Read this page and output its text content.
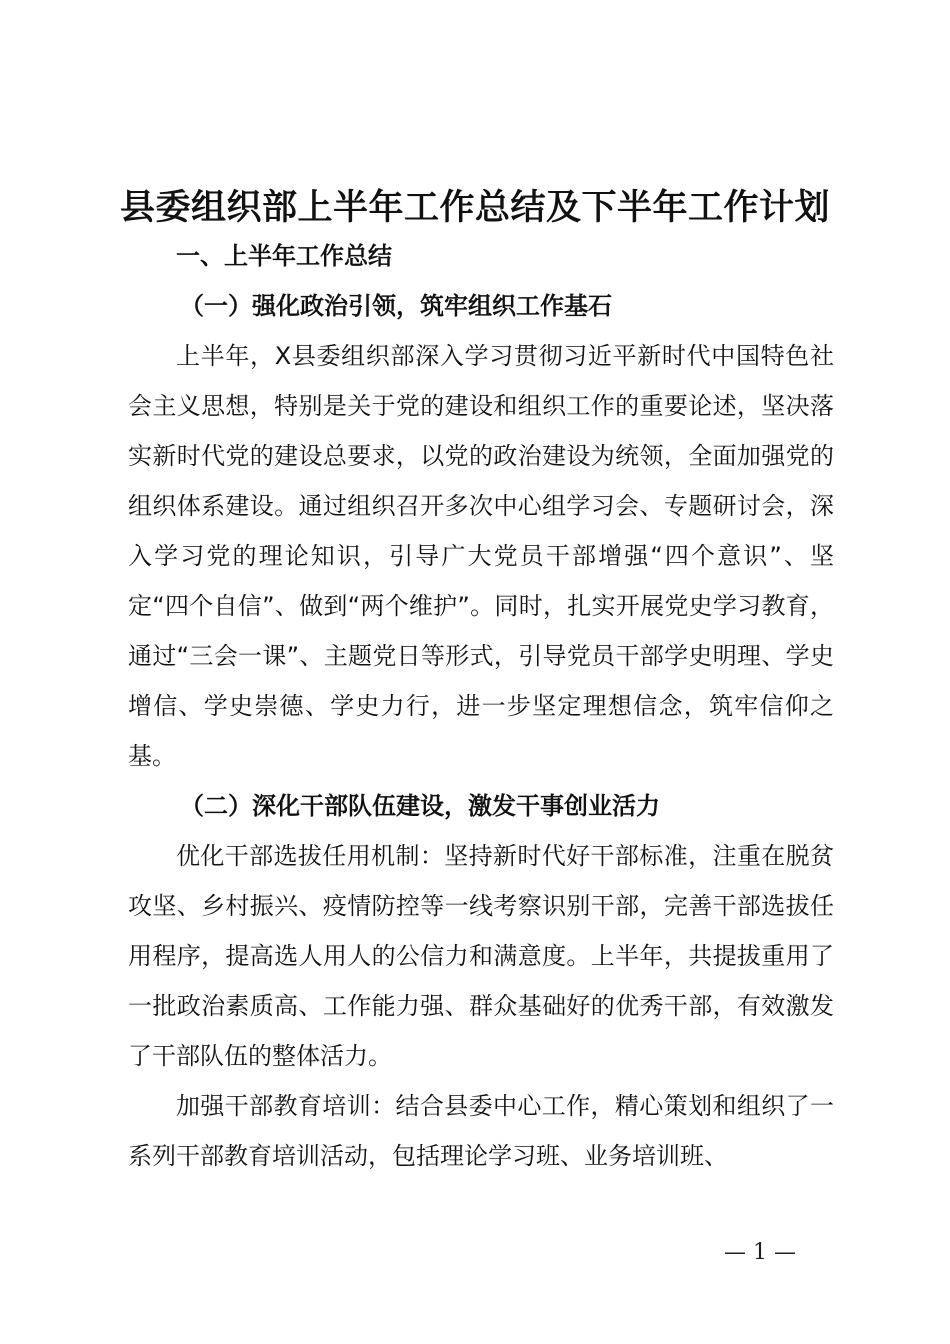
县委组织部上半年工作总结及下半年工作计划

一、上半年工作总结

（一）强化政治引领，筑牢组织工作基石

上半年，X县委组织部深入学习贯彻习近平新时代中国特色社会主义思想，特别是关于党的建设和组织工作的重要论述，坚决落实新时代党的建设总要求，以党的政治建设为统领，全面加强党的组织体系建设。通过组织召开多次中心组学习会、专题研讨会，深入学习党的理论知识，引导广大党员干部增强“四个意识”、坚定“四个自信”、做到“两个维护”。同时，扎实开展党史学习教育，通过“三会一课”、主题党日等形式，引导党员干部学史明理、学史增信、学史崇德、学史力行，进一步坚定理想信念，筑牢信仰之基。

（二）深化干部队伍建设，激发干事创业活力

优化干部选拔任用机制：坚持新时代好干部标准，注重在脱贫攻坚、乡村振兴、疫情防控等一线考察识别干部，完善干部选拔任用程序，提高选人用人的公信力和满意度。上半年，共提拔重用了一批政治素质高、工作能力强、群众基础好的优秀干部，有效激发了干部队伍的整体活力。

加强干部教育培训：结合县委中心工作，精心策划和组织了一系列干部教育培训活动，包括理论学习班、业务培训班、

— 1 —
